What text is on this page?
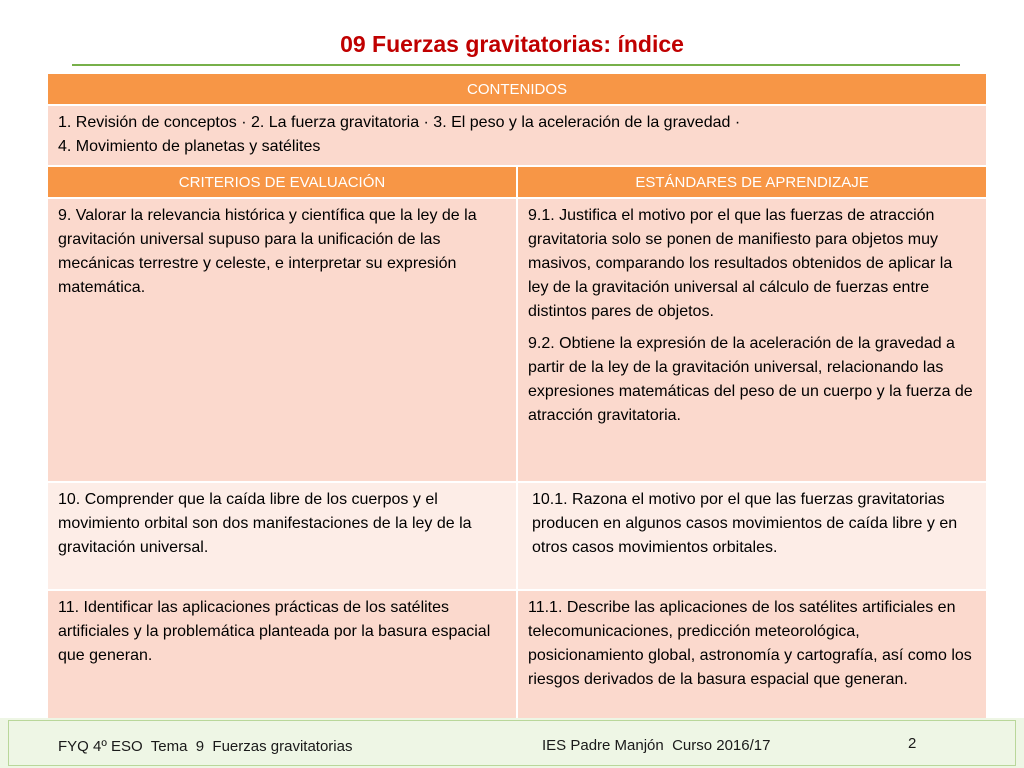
09 Fuerzas gravitatorias: índice
CONTENIDOS	

1. Revisión de conceptos · 2. La fuerza gravitatoria · 3. El peso y la aceleración de la gravedad ·

4. Movimiento de planetas y satélites	

CRITERIOS DE EVALUACIÓN	ESTÁNDARES DE APRENDIZAJE

9. Valorar la relevancia histórica y científica que la ley de la gravitación universal supuso para la unificación de las mecánicas terrestre y celeste, e interpretar su expresión matemática.	9.1. Justifica el motivo por el que las fuerzas de atracción gravitatoria solo se ponen de manifiesto para objetos muy masivos, comparando los resultados obtenidos de aplicar la ley de la gravitación universal al cálculo de fuerzas entre distintos pares de objetos.

9.2. Obtiene la expresión de la aceleración de la gravedad a partir de la ley de la gravitación universal, relacionando las expresiones matemáticas del peso de un cuerpo y la fuerza de atracción gravitatoria.

10. Comprender que la caída libre de los cuerpos y el movimiento orbital son dos manifestaciones de la ley de la gravitación universal.	10.1. Razona el motivo por el que las fuerzas gravitatorias producen en algunos casos movimientos de caída libre y en otros casos movimientos orbitales.

11. Identificar las aplicaciones prácticas de los satélites artificiales y la problemática planteada por la basura espacial que generan.	11.1. Describe las aplicaciones de los satélites artificiales en telecomunicaciones, predicción meteorológica, posicionamiento global, astronomía y cartografía, así como los riesgos derivados de la basura espacial que generan.

FYQ 4º ESO  Tema  9  Fuerzas gravitatorias	IES Padre Manjón  Curso 2016/17	2
